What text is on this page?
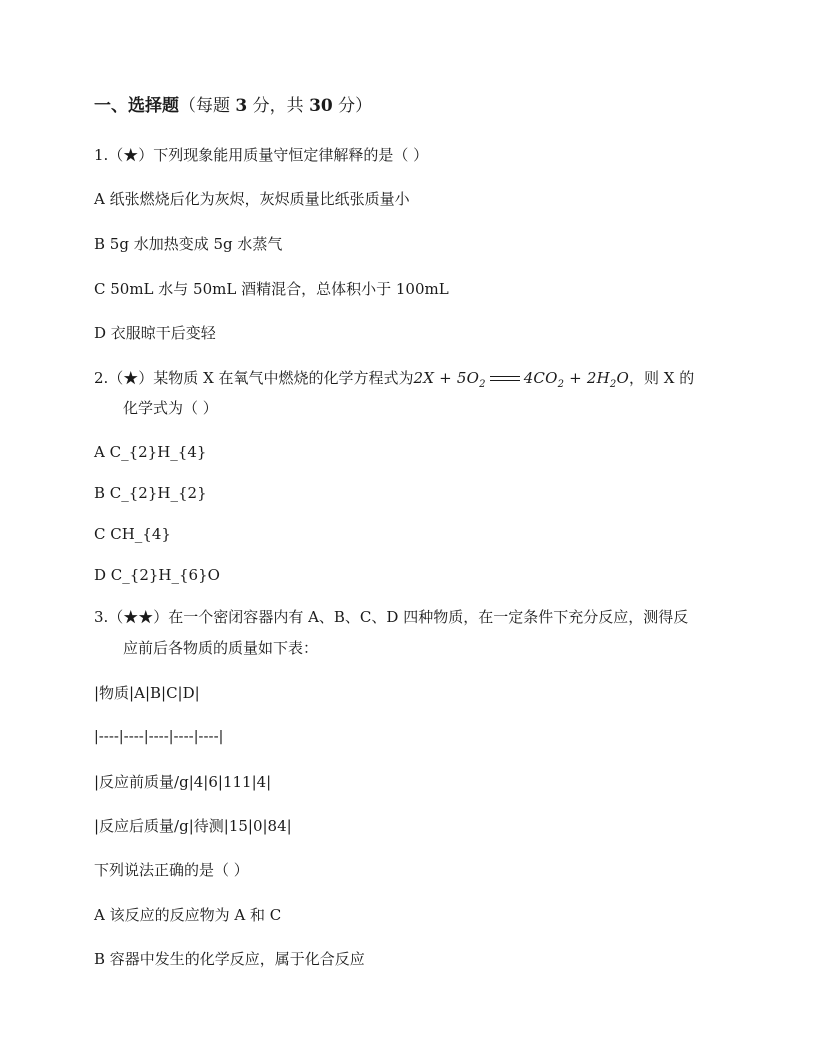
一、选择题（每题 3 分，共 30 分）
1.（★）下列现象能用质量守恒定律解释的是（ ）
A 纸张燃烧后化为灰烬，灰烬质量比纸张质量小
B 5g 水加热变成 5g 水蒸气
C 50mL 水与 50mL 酒精混合，总体积小于 100mL
D 衣服晾干后变轻
2.（★）某物质 X 在氧气中燃烧的化学方程式为$2X + 5O_2$	$4CO_2 + 2H_2O$，则 X 的
化学式为（ ）
A C_{2}H_{4}
B C_{2}H_{2}
C CH_{4}
D C_{2}H_{6}O
3.（★★）在一个密闭容器内有 A、B、C、D 四种物质，在一定条件下充分反应，测得反
应前后各物质的质量如下表：
|物质|A|B|C|D|
|----|----|----|----|----|
|反应前质量/g|4|6|111|4|
|反应后质量/g|待测|15|0|84|
下列说法正确的是（ ）
A 该反应的反应物为 A 和 C
B 容器中发生的化学反应，属于化合反应
